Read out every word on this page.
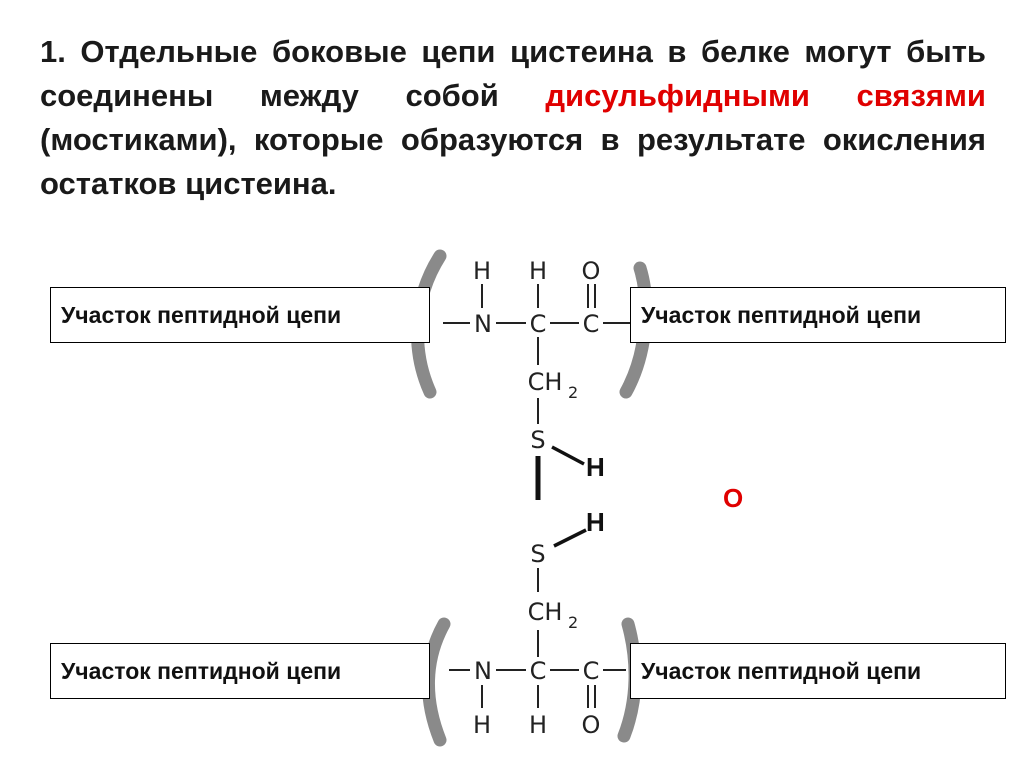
1. Отдельные боковые цепи цистеина в белке могут быть соединены между собой дисульфидными связями (мостиками), которые образуются в результате окисления остатков цистеина.

H H O
N C C
CH 2
S
H
H
S
CH 2
N C C
H H O
Участок пептидной цепи	Участок пептидной цепи
Участок пептидной цепи	Участок пептидной цепи
O
